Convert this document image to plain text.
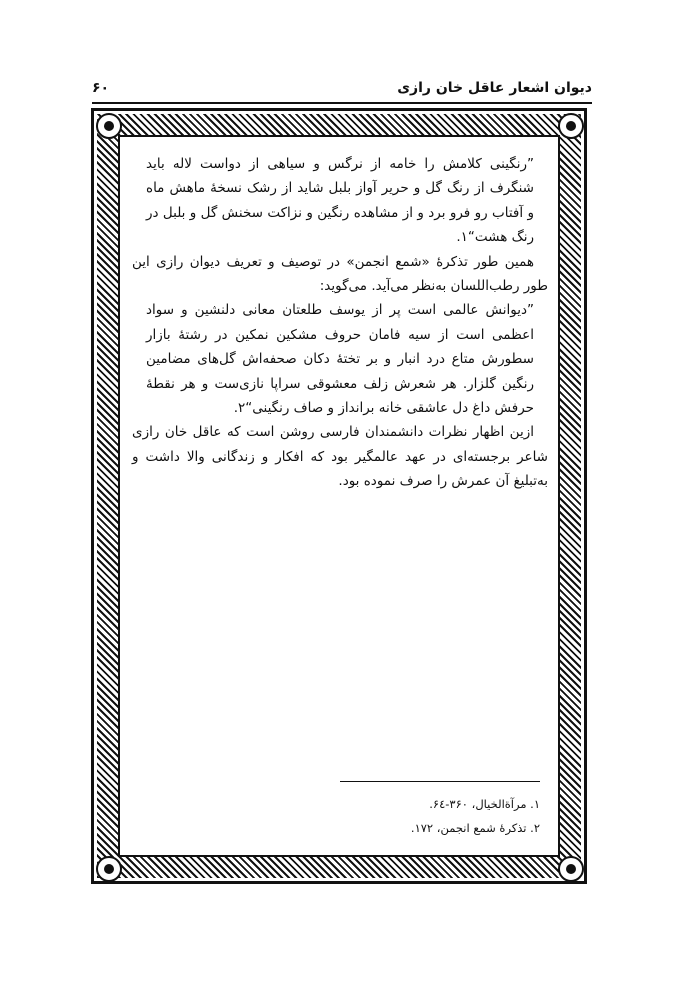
دیوان اشعار عاقل خان رازی
۶۰

”رنگینی کلامش را خامه از نرگس و سیاهی از دواست لاله باید شنگرف از رنگ گل و حریر آواز بلبل شاید از رشک نسخهٔ ماهش ماه و آفتاب رو فرو برد و از مشاهده رنگین و نزاکت سخنش گل و بلبل در رنگ هشت“۱.

همین طور تذکرهٔ «شمع انجمن» در توصیف و تعریف دیوان رازی این طور رطب‌اللسان به‌نظر می‌آید. می‌گوید:

”دیوانش عالمی است پر از یوسف طلعتان معانی دلنشین و سواد اعظمی است از سیه فامان حروف مشکین نمکین در رشتهٔ بازار سطورش متاع درد انبار و بر تختهٔ دکان صحفه‌اش گل‌های مضامین رنگین گلزار. هر شعرش زلف معشوقی سراپا نازی‌ست و هر نقطهٔ حرفش داغ دل عاشقی خانه برانداز و صاف رنگینی“۲.

ازین اظهار نظرات دانشمندان فارسی روشن است که عاقل خان رازی شاعر برجسته‌ای در عهد عالمگیر بود که افکار و زندگانی والا داشت و به‌تبلیغ آن عمرش را صرف نموده بود.

۱. مرآ‌ةالخیال، ۳۶۰-۶٤.
۲. تذکرهٔ شمع انجمن، ۱۷۲.
